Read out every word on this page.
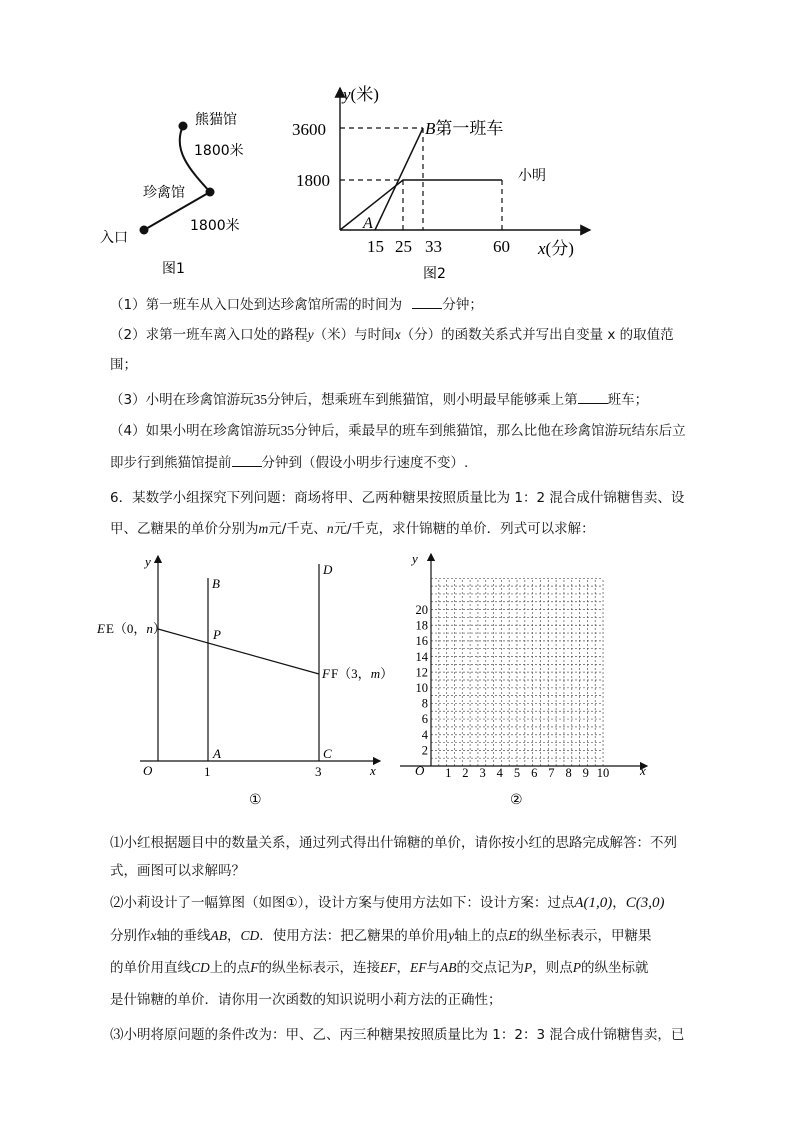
熊猫馆
1800米
珍禽馆
1800米
入口
图1
y(米)
3600
1800
A
B第一班车
小明
15 25 33	60 x(分)
图2
（1）第一班车从入口处到达珍禽馆所需的时间为	分钟；
（2）求第一班车离入口处的路程y（米）与时间x（分）的函数关系式并写出自变量 x 的取值范
围；
（3）小明在珍禽馆游玩35分钟后，想乘班车到熊猫馆，则小明最早能够乘上第 班车；
（4）如果小明在珍禽馆游玩35分钟后，乘最早的班车到熊猫馆，那么比他在珍禽馆游玩结东后立
即步行到熊猫馆提前 分钟到（假设小明步行速度不变）.
6．某数学小组探究下列问题：商场将甲、乙两种糖果按照质量比为 1：2 混合成什锦糖售卖、设
甲、乙糖果的单价分别为m元/千克、n元/千克，求什锦糖的单价．列式可以求解：
y
B
D
EE（0，n）	P
FF（3，m）
A	C
O	1	3	x
①
20
18
16
14
12
10
8
6
4
2
1 2 3 4 5 6 7 8 9 10
y
O	x
②
⑴小红根据题目中的数量关系，通过列式得出什锦糖的单价，请你按小红的思路完成解答：不列
式，画图可以求解吗？
⑵小莉设计了一幅算图（如图①），设计方案与使用方法如下：设计方案：过点A(1,0)，C(3,0)
分别作x轴的垂线AB，CD．使用方法：把乙糖果的单价用y轴上的点E的纵坐标表示，甲糖果
的单价用直线CD上的点F的纵坐标表示，连接EF，EF与AB的交点记为P，则点P的纵坐标就
是什锦糖的单价．请你用一次函数的知识说明小莉方法的正确性；
⑶小明将原问题的条件改为：甲、乙、丙三种糖果按照质量比为 1：2：3 混合成什锦糖售卖，已
